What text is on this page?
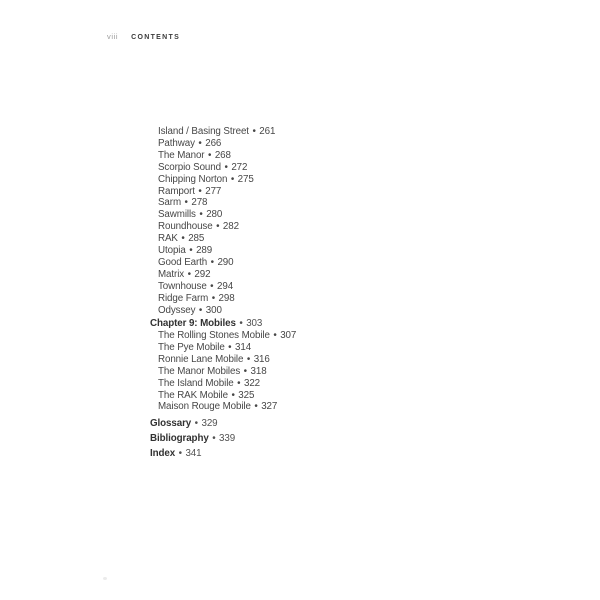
viii CONTENTS
Island / Basing Street • 261
Pathway • 266
The Manor • 268
Scorpio Sound • 272
Chipping Norton • 275
Ramport • 277
Sarm • 278
Sawmills • 280
Roundhouse • 282
RAK • 285
Utopia • 289
Good Earth • 290
Matrix • 292
Townhouse • 294
Ridge Farm • 298
Odyssey • 300
Chapter 9: Mobiles • 303
The Rolling Stones Mobile • 307
The Pye Mobile • 314
Ronnie Lane Mobile • 316
The Manor Mobiles • 318
The Island Mobile • 322
The RAK Mobile • 325
Maison Rouge Mobile • 327
Glossary • 329
Bibliography • 339
Index • 341
